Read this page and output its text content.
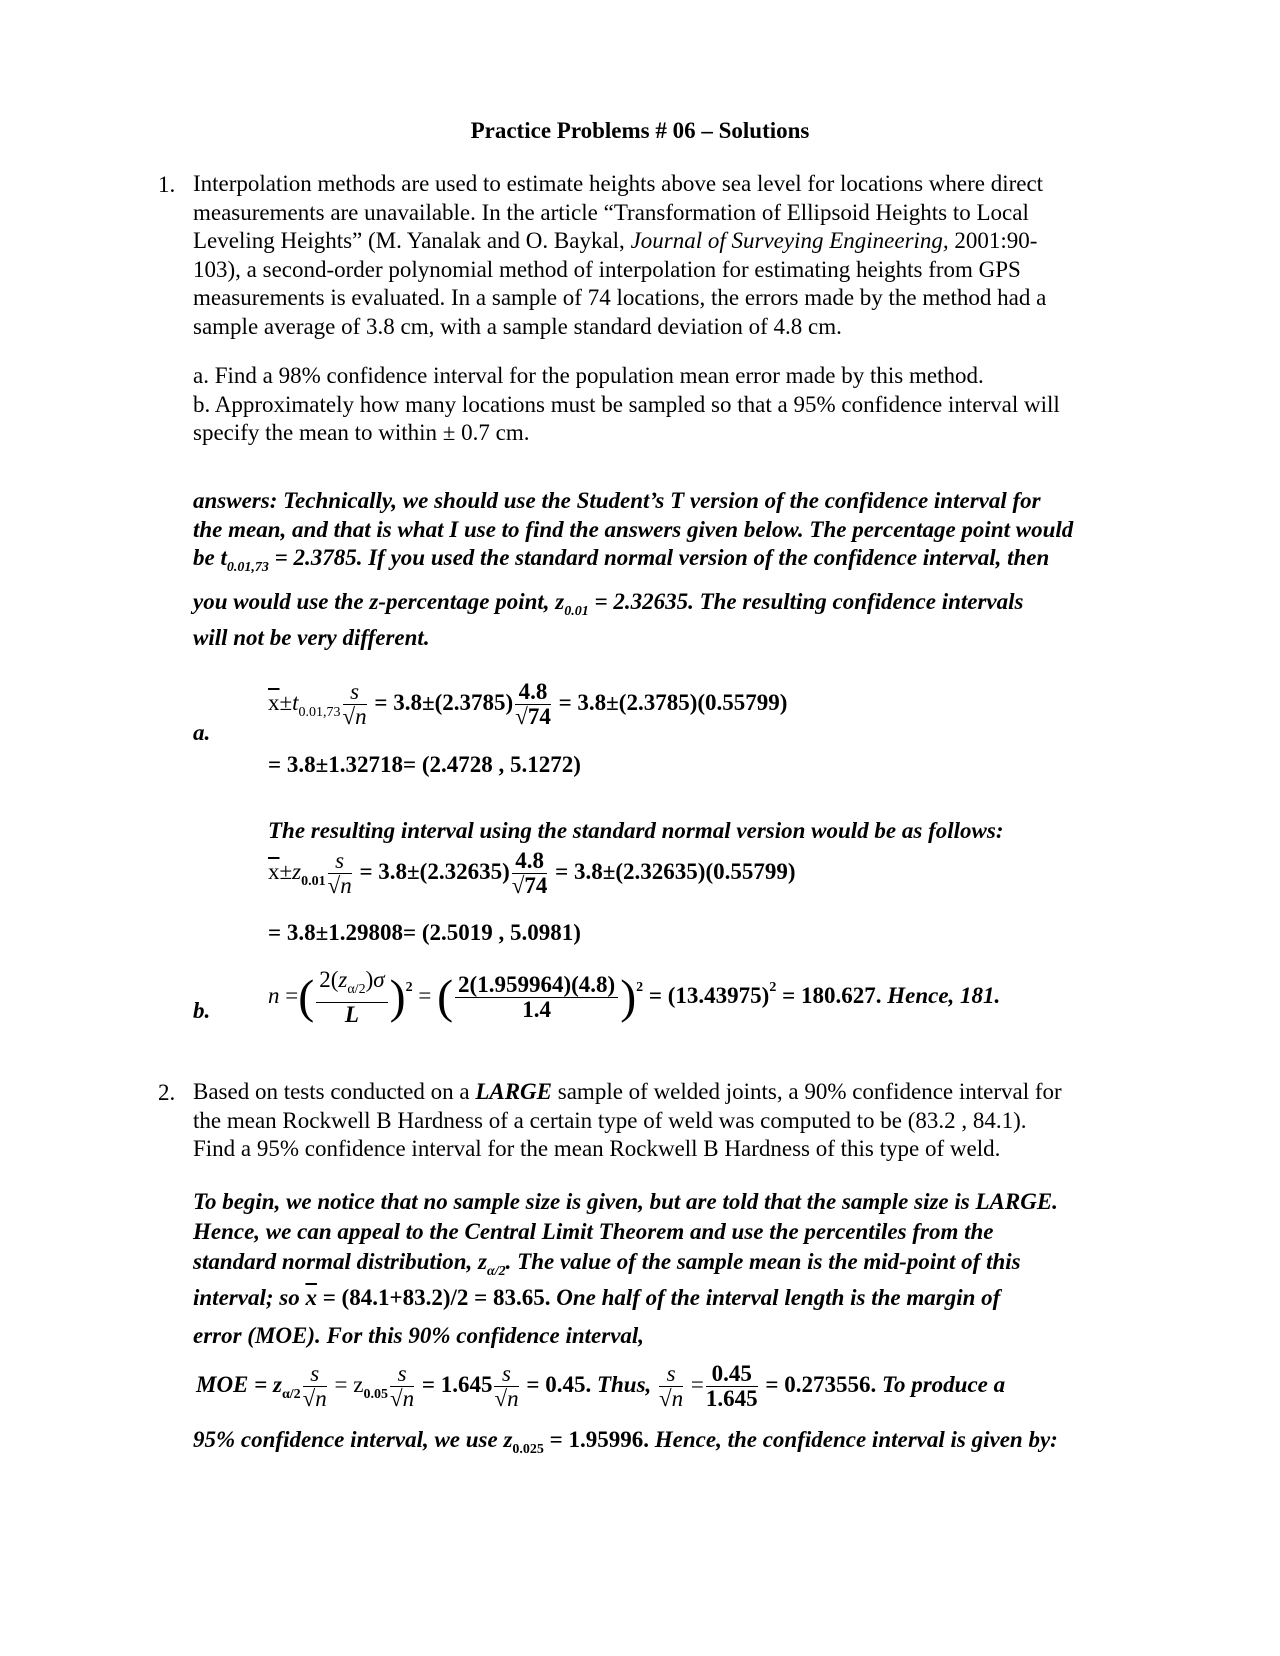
Practice Problems # 06 – Solutions
1. Interpolation methods are used to estimate heights above sea level for locations where direct
measurements are unavailable. In the article “Transformation of Ellipsoid Heights to Local
Leveling Heights” (M. Yanalak and O. Baykal, Journal of Surveying Engineering, 2001:90-
103), a second-order polynomial method of interpolation for estimating heights from GPS
measurements is evaluated. In a sample of 74 locations, the errors made by the method had a
sample average of 3.8 cm, with a sample standard deviation of 4.8 cm.
a. Find a 98% confidence interval for the population mean error made by this method.
b. Approximately how many locations must be sampled so that a 95% confidence interval will
specify the mean to within ± 0.7 cm.
answers: Technically, we should use the Student’s T version of the confidence interval for
the mean, and that is what I use to find the answers given below. The percentage point would
be $t_{0.01,73} = 2.3785$. If you used the standard normal version of the confidence interval, then
you would use the z-percentage point, $z_{0.01} = 2.32635$. The resulting confidence intervals
will not be very different.
a.
$\overline{x}\pm t_{0.01,73} \frac{s}{√n} = 3.8\pm(2.3785) \frac{4.8}{√74} = 3.8\pm(2.3785)(0.55799)$
= 3.8±1.32718= (2.4728 , 5.1272)
The resulting interval using the standard normal version would be as follows:
$\overline{x}\pm z_{0.01} \frac{s}{√n} = 3.8\pm(2.32635) \frac{4.8}{√74} = 3.8\pm(2.32635)(0.55799)$
= 3.8±1.29808= (2.5019 , 5.0981)
b.
n =( $\frac{2(z_{\alpha/2})\sigma}{L} )^2$ = ( $\frac{2(1.959964)(4.8)}{1.4} )^2 = (13.43975)^2 = 180.627$. Hence, 181.
2. Based on tests conducted on a LARGE sample of welded joints, a 90% confidence interval for
the mean Rockwell B Hardness of a certain type of weld was computed to be (83.2 , 84.1).
Find a 95% confidence interval for the mean Rockwell B Hardness of this type of weld.
To begin, we notice that no sample size is given, but are told that the sample size is LARGE.
Hence, we can appeal to the Central Limit Theorem and use the percentiles from the
standard normal distribution, $z_{\alpha/2}$. The value of the sample mean is the mid-point of this
interval; so $\overline{x} = (84.1+83.2)/2 = 83.65$. One half of the interval length is the margin of
error (MOE). For this 90% confidence interval,
MOE = $z_{\alpha/2} \frac{s}{√n} = z_{0.05} \frac{s}{√n} = 1.645 \frac{s}{√n} = 0.45$. Thus, $\frac{s}{√n} = \frac{0.45}{1.645} = 0.273556$. To produce a
95% confidence interval, we use $z_{0.025} = 1.95996$. Hence, the confidence interval is given by:
